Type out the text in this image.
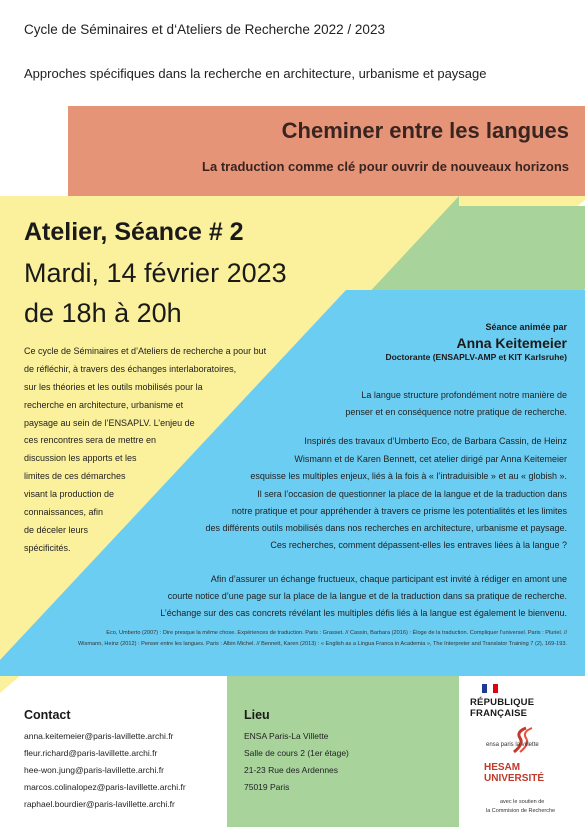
Cycle de Séminaires et d‘Ateliers de Recherche 2022 / 2023
Approches spécifiques dans la recherche en architecture, urbanisme et paysage
Cheminer entre les langues
La traduction comme clé pour ouvrir de nouveaux horizons
Atelier, Séance # 2
Mardi, 14 février 2023
de 18h à 20h
Ce cycle de Séminaires et d’Ateliers de recherche a pour but
de réfléchir, à travers des échanges interlaboratoires,
sur les théories et les outils mobilisés pour la
recherche en architecture, urbanisme et
paysage au sein de l’ENSAPLV. L’enjeu de
ces rencontres sera de mettre en
discussion les apports et les
limites de ces démarches
visant la production de
connaissances, afin
de déceler leurs
spécificités.
Séance animée par
Anna Keitemeier
Doctorante (ENSAPLV-AMP et KIT Karlsruhe)
La langue structure profondément notre manière de
penser et en conséquence notre pratique de recherche.
Inspirés des travaux d’Umberto Eco, de Barbara Cassin, de Heinz
Wismann et de Karen Bennett, cet atelier dirigé par Anna Keitemeier
esquisse les multiples enjeux, liés à la fois à « l’intraduisible » et au « globish ».
Il sera l’occasion de questionner la place de la langue et de la traduction dans
notre pratique et pour appréhender à travers ce prisme les potentialités et les limites
des différents outils mobilisés dans nos recherches en architecture, urbanisme et paysage.
Ces recherches, comment dépassent-elles les entraves liées à la langue ?
Afin d’assurer un échange fructueux, chaque participant est invité à rédiger en amont une
courte notice d’une page sur la place de la langue et de la traduction dans sa pratique de recherche.
L’échange sur des cas concrets révélant les multiples défis liés à la langue est également le bienvenu.
Eco, Umberto (2007) : Dire presque la même chose. Expériences de traduction. Paris : Grasset. // Cassin, Barbara (2016) : Éloge de la traduction. Compliquer l’universel. Paris : Pluriel. //
Wismann, Heinz (2012) : Penser entre les langues. Paris : Albin Michel. // Bennett, Karen (2013) : « English as a Lingua Franca in Academia », The Interpreter and Translator Training 7 (2), 169-193.
Contact
anna.keitemeier@paris-lavillette.archi.fr
fleur.richard@paris-lavillette.archi.fr
hee-won.jung@paris-lavillette.archi.fr
marcos.colinalopez@paris-lavillette.archi.fr
raphael.bourdier@paris-lavillette.archi.fr
Lieu
ENSA Paris-La Villette
Salle de cours 2 (1er étage)
21-23 Rue des Ardennes
75019 Paris
RÉPUBLIQUE
FRANÇAISE
ensa paris la villette
HESAM
UNIVERSITÉ
avec le soutien de
la Commision de Recherche
